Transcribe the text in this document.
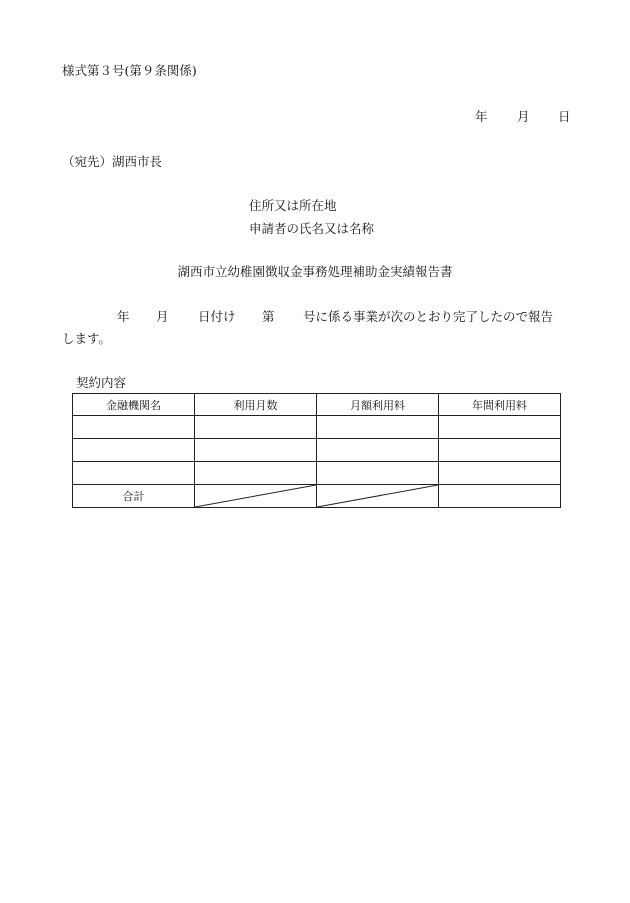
様式第３号(第９条関係)
年 月 日
（宛先）湖西市長
住所又は所在地
申請者の氏名又は名称
湖西市立幼稚園徴収金事務処理補助金実績報告書
年 月 日付け 第 号に係る事業が次のとおり完了したので報告
します。
契約内容
金融機関名	利用月数	月額利用料	年間利用料

合計	
